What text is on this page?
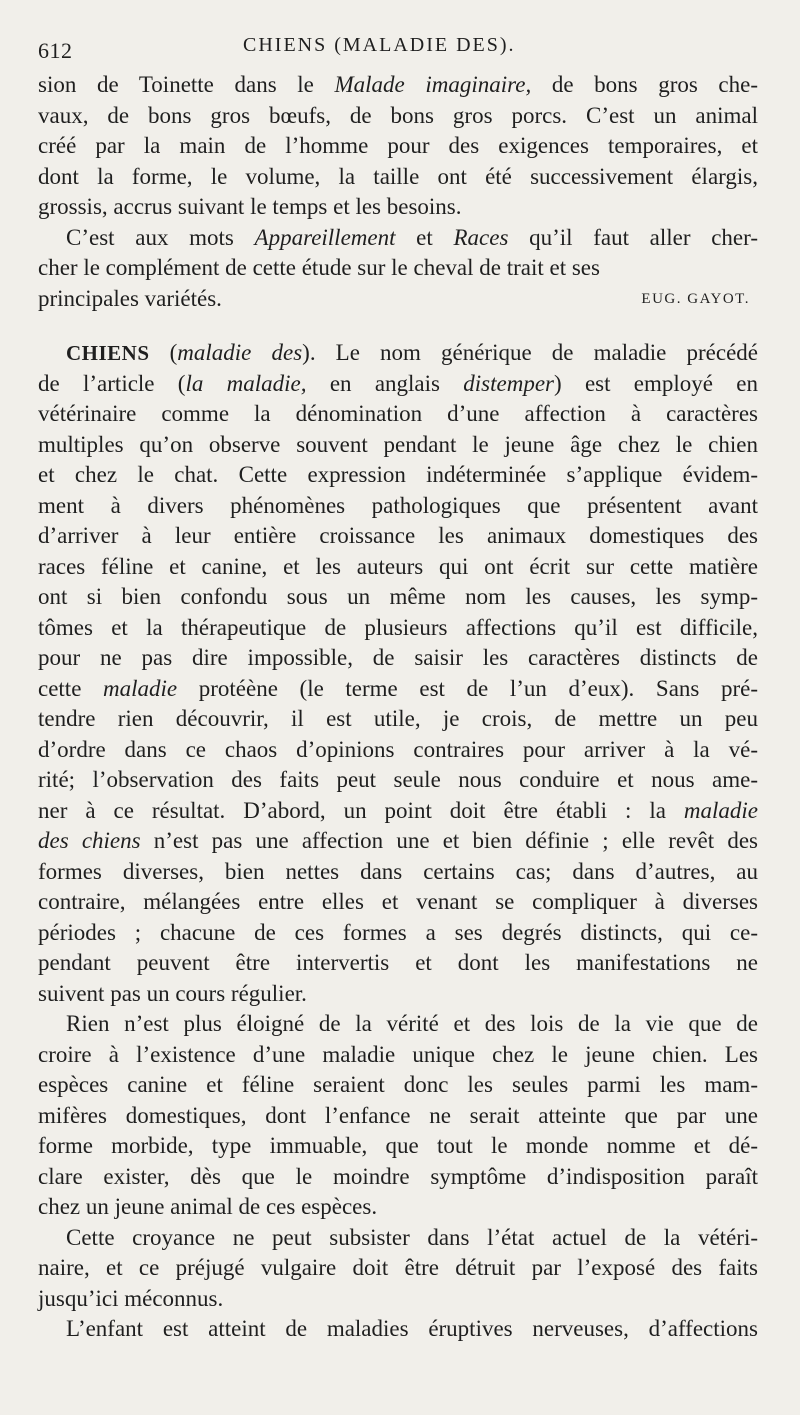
612	CHIENS (MALADIE DES).

sion de Toinette dans le Malade imaginaire, de bons gros che-
vaux, de bons gros bœufs, de bons gros porcs. C’est un animal
créé par la main de l’homme pour des exigences temporaires, et
dont la forme, le volume, la taille ont été successivement élargis,
grossis, accrus suivant le temps et les besoins.

C’est aux mots Appareillement et Races qu’il faut aller cher-
cher le complément de cette étude sur le cheval de trait et ses

principales variétés.	EUG. GAYOT.

CHIENS (maladie des). Le nom générique de maladie précédé
de l’article (la maladie, en anglais distemper) est employé en
vétérinaire comme la dénomination d’une affection à caractères
multiples qu’on observe souvent pendant le jeune âge chez le chien
et chez le chat. Cette expression indéterminée s’applique évidem-
ment à divers phénomènes pathologiques que présentent avant
d’arriver à leur entière croissance les animaux domestiques des
races féline et canine, et les auteurs qui ont écrit sur cette matière
ont si bien confondu sous un même nom les causes, les symp-
tômes et la thérapeutique de plusieurs affections qu’il est difficile,
pour ne pas dire impossible, de saisir les caractères distincts de
cette maladie protéène (le terme est de l’un d’eux). Sans pré-
tendre rien découvrir, il est utile, je crois, de mettre un peu
d’ordre dans ce chaos d’opinions contraires pour arriver à la vé-
rité; l’observation des faits peut seule nous conduire et nous ame-
ner à ce résultat. D’abord, un point doit être établi : la maladie
des chiens n’est pas une affection une et bien définie ; elle revêt des
formes diverses, bien nettes dans certains cas; dans d’autres, au
contraire, mélangées entre elles et venant se compliquer à diverses
périodes ; chacune de ces formes a ses degrés distincts, qui ce-
pendant peuvent être intervertis et dont les manifestations ne
suivent pas un cours régulier.

Rien n’est plus éloigné de la vérité et des lois de la vie que de
croire à l’existence d’une maladie unique chez le jeune chien. Les
espèces canine et féline seraient donc les seules parmi les mam-
mifères domestiques, dont l’enfance ne serait atteinte que par une
forme morbide, type immuable, que tout le monde nomme et dé-
clare exister, dès que le moindre symptôme d’indisposition paraît
chez un jeune animal de ces espèces.

Cette croyance ne peut subsister dans l’état actuel de la vétéri-
naire, et ce préjugé vulgaire doit être détruit par l’exposé des faits
jusqu’ici méconnus.

L’enfant est atteint de maladies éruptives nerveuses, d’affections
